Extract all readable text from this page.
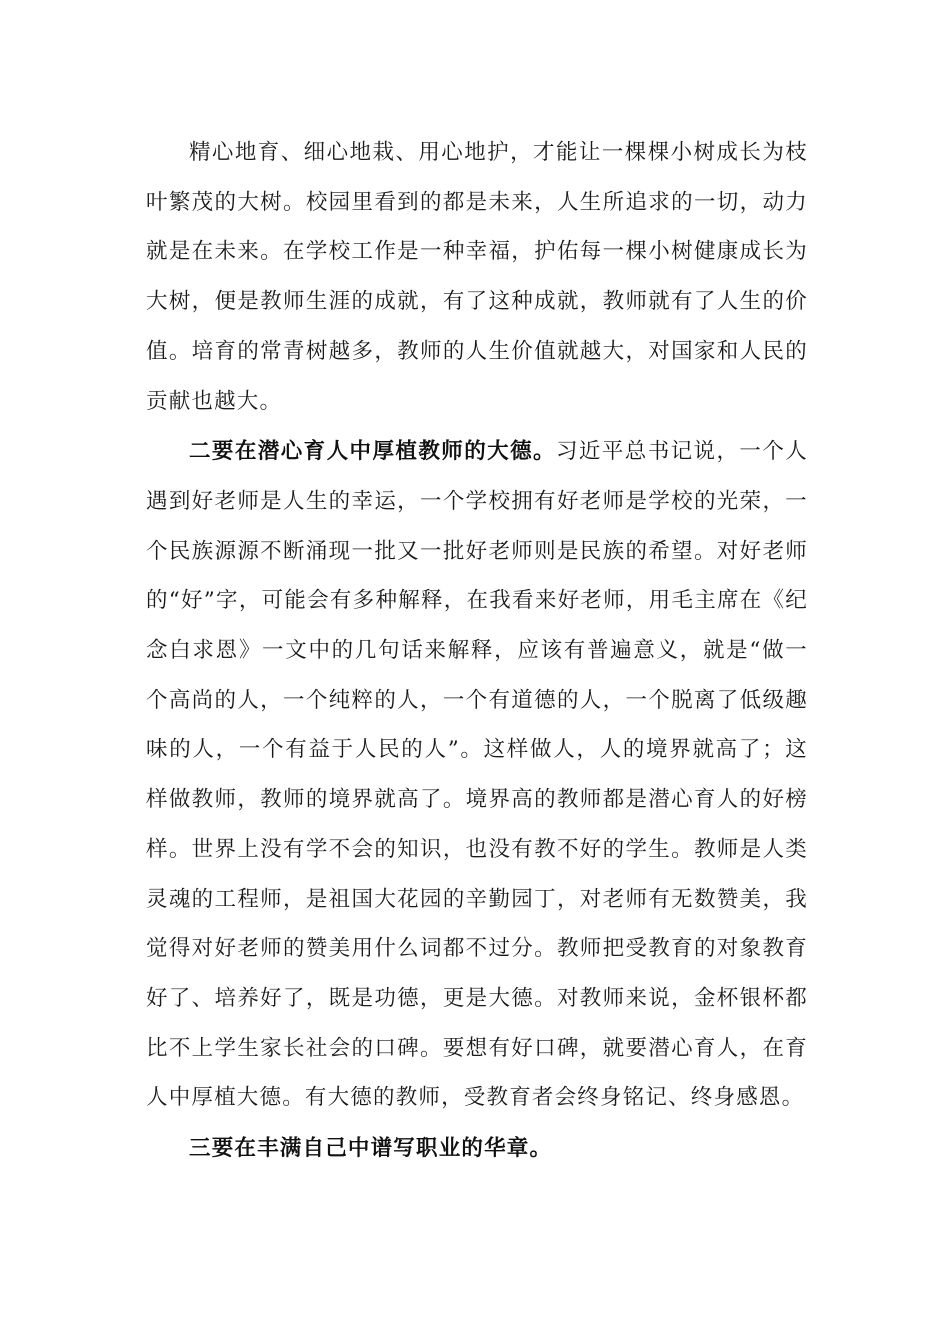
精心地育、细心地栽、用心地护，才能让一棵棵小树成长为枝叶繁茂的大树。校园里看到的都是未来，人生所追求的一切，动力就是在未来。在学校工作是一种幸福，护佑每一棵小树健康成长为大树，便是教师生涯的成就，有了这种成就，教师就有了人生的价值。培育的常青树越多，教师的人生价值就越大，对国家和人民的贡献也越大。

二要在潜心育人中厚植教师的大德。习近平总书记说，一个人遇到好老师是人生的幸运，一个学校拥有好老师是学校的光荣，一个民族源源不断涌现一批又一批好老师则是民族的希望。对好老师的“好”字，可能会有多种解释，在我看来好老师，用毛主席在《纪念白求恩》一文中的几句话来解释，应该有普遍意义，就是“做一个高尚的人，一个纯粹的人，一个有道德的人，一个脱离了低级趣味的人，一个有益于人民的人”。这样做人，人的境界就高了；这样做教师，教师的境界就高了。境界高的教师都是潜心育人的好榜样。世界上没有学不会的知识，也没有教不好的学生。教师是人类灵魂的工程师，是祖国大花园的辛勤园丁，对老师有无数赞美，我觉得对好老师的赞美用什么词都不过分。教师把受教育的对象教育好了、培养好了，既是功德，更是大德。对教师来说，金杯银杯都比不上学生家长社会的口碑。要想有好口碑，就要潜心育人，在育人中厚植大德。有大德的教师，受教育者会终身铭记、终身感恩。

三要在丰满自己中谱写职业的华章。
